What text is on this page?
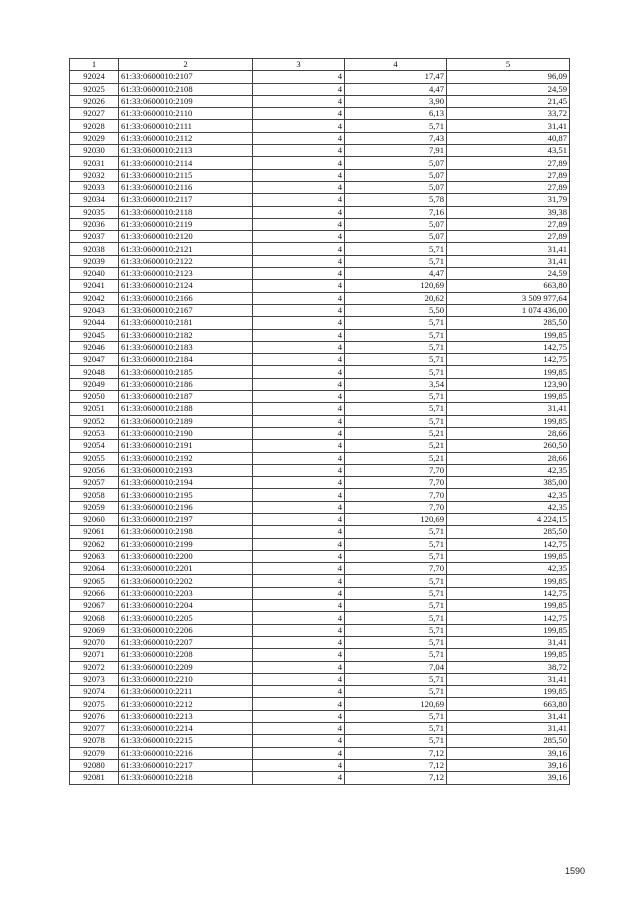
1	2	3	4	5
92024	61:33:0600010:2107	4	17,47	96,09
92025	61:33:0600010:2108	4	4,47	24,59
92026	61:33:0600010:2109	4	3,90	21,45
92027	61:33:0600010:2110	4	6,13	33,72
92028	61:33:0600010:2111	4	5,71	31,41
92029	61:33:0600010:2112	4	7,43	40,87
92030	61:33:0600010:2113	4	7,91	43,51
92031	61:33:0600010:2114	4	5,07	27,89
92032	61:33:0600010:2115	4	5,07	27,89
92033	61:33:0600010:2116	4	5,07	27,89
92034	61:33:0600010:2117	4	5,78	31,79
92035	61:33:0600010:2118	4	7,16	39,38
92036	61:33:0600010:2119	4	5,07	27,89
92037	61:33:0600010:2120	4	5,07	27,89
92038	61:33:0600010:2121	4	5,71	31,41
92039	61:33:0600010:2122	4	5,71	31,41
92040	61:33:0600010:2123	4	4,47	24,59
92041	61:33:0600010:2124	4	120,69	663,80
92042	61:33:0600010:2166	4	20,62	3 509 977,64
92043	61:33:0600010:2167	4	5,50	1 074 436,00
92044	61:33:0600010:2181	4	5,71	285,50
92045	61:33:0600010:2182	4	5,71	199,85
92046	61:33:0600010:2183	4	5,71	142,75
92047	61:33:0600010:2184	4	5,71	142,75
92048	61:33:0600010:2185	4	5,71	199,85
92049	61:33:0600010:2186	4	3,54	123,90
92050	61:33:0600010:2187	4	5,71	199,85
92051	61:33:0600010:2188	4	5,71	31,41
92052	61:33:0600010:2189	4	5,71	199,85
92053	61:33:0600010:2190	4	5,21	28,66
92054	61:33:0600010:2191	4	5,21	260,50
92055	61:33:0600010:2192	4	5,21	28,66
92056	61:33:0600010:2193	4	7,70	42,35
92057	61:33:0600010:2194	4	7,70	385,00
92058	61:33:0600010:2195	4	7,70	42,35
92059	61:33:0600010:2196	4	7,70	42,35
92060	61:33:0600010:2197	4	120,69	4 224,15
92061	61:33:0600010:2198	4	5,71	285,50
92062	61:33:0600010:2199	4	5,71	142,75
92063	61:33:0600010:2200	4	5,71	199,85
92064	61:33:0600010:2201	4	7,70	42,35
92065	61:33:0600010:2202	4	5,71	199,85
92066	61:33:0600010:2203	4	5,71	142,75
92067	61:33:0600010:2204	4	5,71	199,85
92068	61:33:0600010:2205	4	5,71	142,75
92069	61:33:0600010:2206	4	5,71	199,85
92070	61:33:0600010:2207	4	5,71	31,41
92071	61:33:0600010:2208	4	5,71	199,85
92072	61:33:0600010:2209	4	7,04	38,72
92073	61:33:0600010:2210	4	5,71	31,41
92074	61:33:0600010:2211	4	5,71	199,85
92075	61:33:0600010:2212	4	120,69	663,80
92076	61:33:0600010:2213	4	5,71	31,41
92077	61:33:0600010:2214	4	5,71	31,41
92078	61:33:0600010:2215	4	5,71	285,50
92079	61:33:0600010:2216	4	7,12	39,16
92080	61:33:0600010:2217	4	7,12	39,16
92081	61:33:0600010:2218	4	7,12	39,16
1590
